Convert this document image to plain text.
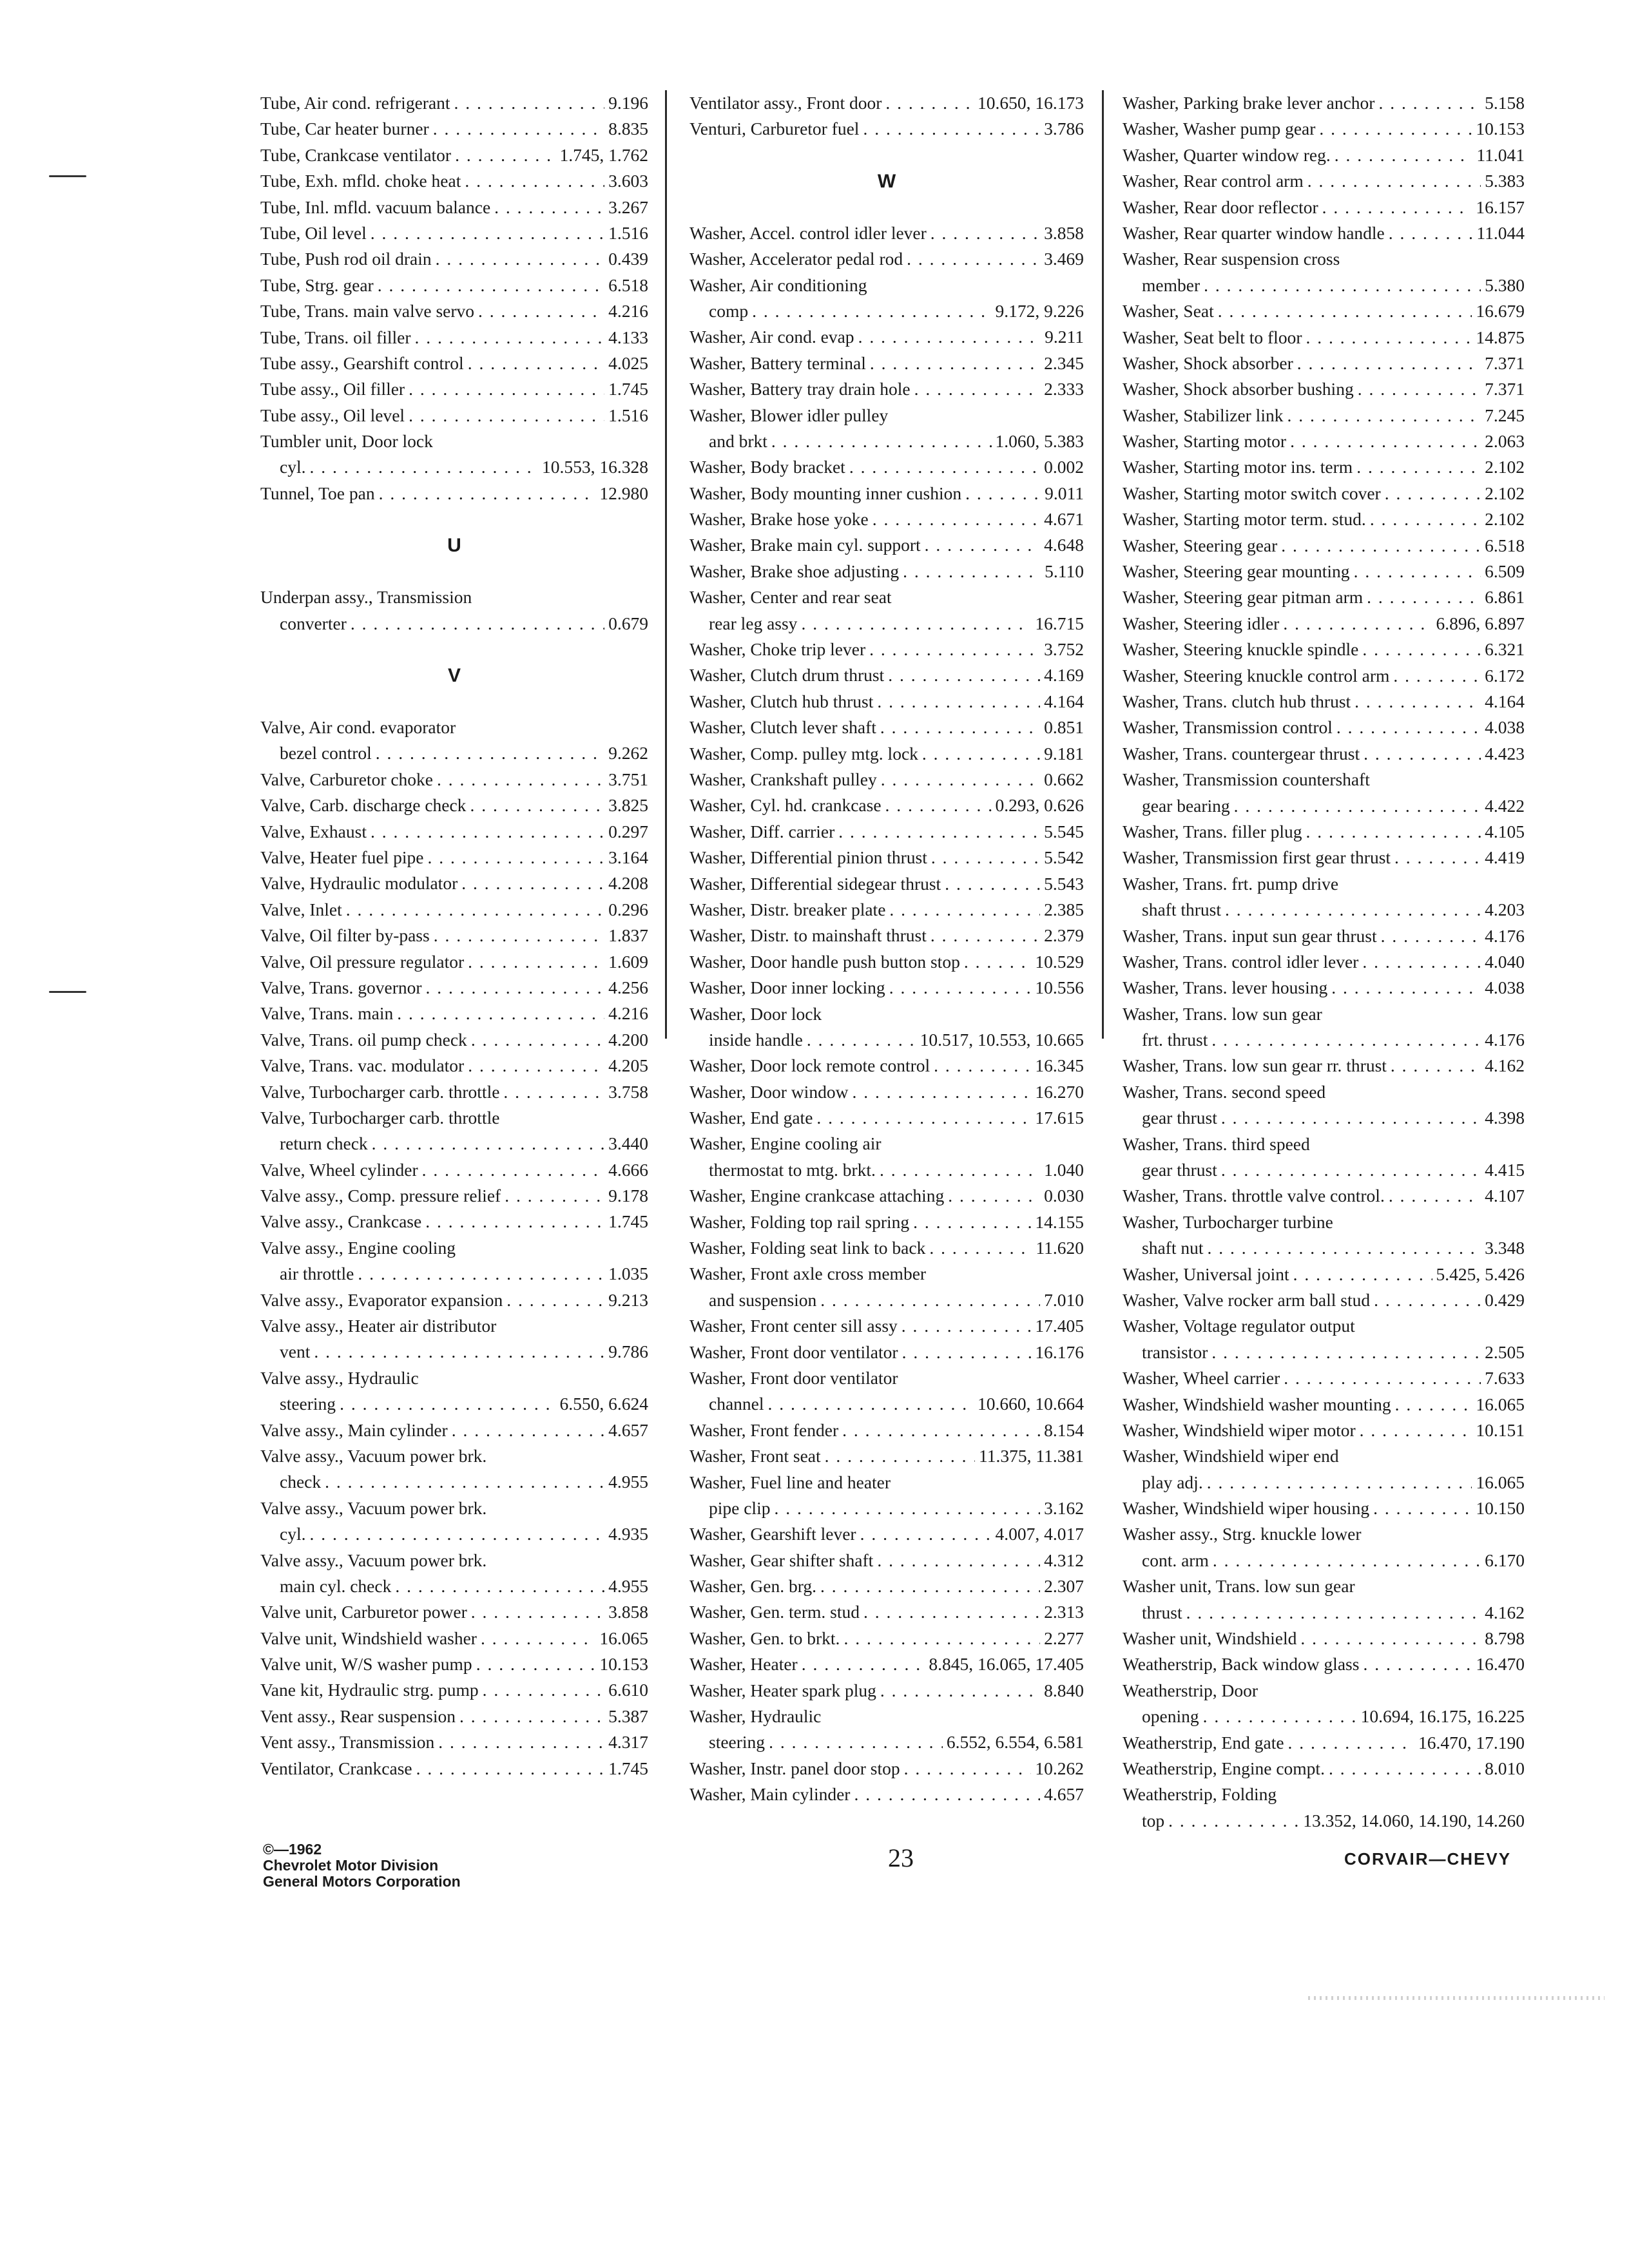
Tube, Air cond. refrigerant . . .	9.196
Tube, Car heater burner . . .	8.835
Tube, Crankcase ventilator . . .	1.745, 1.762
Tube, Exh. mfld. choke heat . . .	3.603
Tube, Inl. mfld. vacuum balance . . .	3.267
Tube, Oil level . . .	1.516
Tube, Push rod oil drain . . .	0.439
Tube, Strg. gear . . .	6.518
Tube, Trans. main valve servo . . .	4.216
Tube, Trans. oil filler . . .	4.133
Tube assy., Gearshift control . . .	4.025
Tube assy., Oil filler . . .	1.745
Tube assy., Oil level . . .	1.516
Tumbler unit, Door lock
cyl. . . .	10.553, 16.328
Tunnel, Toe pan . . .	12.980
U
Underpan assy., Transmission
converter . . .	0.679
V
Valve, Air cond. evaporator
bezel control . . .	9.262
Valve, Carburetor choke . . .	3.751
Valve, Carb. discharge check . . .	3.825
Valve, Exhaust . . .	0.297
Valve, Heater fuel pipe . . .	3.164
Valve, Hydraulic modulator . . .	4.208
Valve, Inlet . . .	0.296
Valve, Oil filter by-pass . . .	1.837
Valve, Oil pressure regulator . . .	1.609
Valve, Trans. governor . . .	4.256
Valve, Trans. main . . .	4.216
Valve, Trans. oil pump check . . .	4.200
Valve, Trans. vac. modulator . . .	4.205
Valve, Turbocharger carb. throttle . . .	3.758
Valve, Turbocharger carb. throttle
return check . . .	3.440
Valve, Wheel cylinder . . .	4.666
Valve assy., Comp. pressure relief . . .	9.178
Valve assy., Crankcase . . .	1.745
Valve assy., Engine cooling
air throttle . . .	1.035
Valve assy., Evaporator expansion . . .	9.213
Valve assy., Heater air distributor
vent . . .	9.786
Valve assy., Hydraulic
steering . . .	6.550, 6.624
Valve assy., Main cylinder . . .	4.657
Valve assy., Vacuum power brk.
check . . .	4.955
Valve assy., Vacuum power brk.
cyl. . . .	4.935
Valve assy., Vacuum power brk.
main cyl. check . . .	4.955
Valve unit, Carburetor power . . .	3.858
Valve unit, Windshield washer . . .	16.065
Valve unit, W/S washer pump . . .	10.153
Vane kit, Hydraulic strg. pump . . .	6.610
Vent assy., Rear suspension . . .	5.387
Vent assy., Transmission . . .	4.317
Ventilator, Crankcase . . .	1.745
Ventilator assy., Front door . . .	10.650, 16.173
Venturi, Carburetor fuel . . .	3.786
W
Washer, Accel. control idler lever . . .	3.858
Washer, Accelerator pedal rod . . .	3.469
Washer, Air conditioning
comp . . .	9.172, 9.226
Washer, Air cond. evap . . .	9.211
Washer, Battery terminal . . .	2.345
Washer, Battery tray drain hole . . .	2.333
Washer, Blower idler pulley
and brkt . . .	1.060, 5.383
Washer, Body bracket . . .	0.002
Washer, Body mounting inner cushion . . .	9.011
Washer, Brake hose yoke . . .	4.671
Washer, Brake main cyl. support . . .	4.648
Washer, Brake shoe adjusting . . .	5.110
Washer, Center and rear seat
rear leg assy . . .	16.715
Washer, Choke trip lever . . .	3.752
Washer, Clutch drum thrust . . .	4.169
Washer, Clutch hub thrust . . .	4.164
Washer, Clutch lever shaft . . .	0.851
Washer, Comp. pulley mtg. lock . . .	9.181
Washer, Crankshaft pulley . . .	0.662
Washer, Cyl. hd. crankcase . . .	0.293, 0.626
Washer, Diff. carrier . . .	5.545
Washer, Differential pinion thrust . . .	5.542
Washer, Differential sidegear thrust . . .	5.543
Washer, Distr. breaker plate . . .	2.385
Washer, Distr. to mainshaft thrust . . .	2.379
Washer, Door handle push button stop . . .	10.529
Washer, Door inner locking . . .	10.556
Washer, Door lock
inside handle . . .	10.517, 10.553, 10.665
Washer, Door lock remote control . . .	16.345
Washer, Door window . . .	16.270
Washer, End gate . . .	17.615
Washer, Engine cooling air
thermostat to mtg. brkt. . . .	1.040
Washer, Engine crankcase attaching . . .	0.030
Washer, Folding top rail spring . . .	14.155
Washer, Folding seat link to back . . .	11.620
Washer, Front axle cross member
and suspension . . .	7.010
Washer, Front center sill assy . . .	17.405
Washer, Front door ventilator . . .	16.176
Washer, Front door ventilator
channel . . .	10.660, 10.664
Washer, Front fender . . .	8.154
Washer, Front seat . . .	11.375, 11.381
Washer, Fuel line and heater
pipe clip . . .	3.162
Washer, Gearshift lever . . .	4.007, 4.017
Washer, Gear shifter shaft . . .	4.312
Washer, Gen. brg. . . .	2.307
Washer, Gen. term. stud . . .	2.313
Washer, Gen. to brkt. . . .	2.277
Washer, Heater . . .	8.845, 16.065, 17.405
Washer, Heater spark plug . . .	8.840
Washer, Hydraulic
steering . . .	6.552, 6.554, 6.581
Washer, Instr. panel door stop . . .	10.262
Washer, Main cylinder . . .	4.657
Washer, Parking brake lever anchor . . .	5.158
Washer, Washer pump gear . . .	10.153
Washer, Quarter window reg. . . .	11.041
Washer, Rear control arm . . .	5.383
Washer, Rear door reflector . . .	16.157
Washer, Rear quarter window handle . . .	11.044
Washer, Rear suspension cross
member . . .	5.380
Washer, Seat . . .	16.679
Washer, Seat belt to floor . . .	14.875
Washer, Shock absorber . . .	7.371
Washer, Shock absorber bushing . . .	7.371
Washer, Stabilizer link . . .	7.245
Washer, Starting motor . . .	2.063
Washer, Starting motor ins. term . . .	2.102
Washer, Starting motor switch cover . . .	2.102
Washer, Starting motor term. stud. . . .	2.102
Washer, Steering gear . . .	6.518
Washer, Steering gear mounting . . .	6.509
Washer, Steering gear pitman arm . . .	6.861
Washer, Steering idler . . .	6.896, 6.897
Washer, Steering knuckle spindle . . .	6.321
Washer, Steering knuckle control arm . . .	6.172
Washer, Trans. clutch hub thrust . . .	4.164
Washer, Transmission control . . .	4.038
Washer, Trans. countergear thrust . . .	4.423
Washer, Transmission countershaft
gear bearing . . .	4.422
Washer, Trans. filler plug . . .	4.105
Washer, Transmission first gear thrust . . .	4.419
Washer, Trans. frt. pump drive
shaft thrust . . .	4.203
Washer, Trans. input sun gear thrust . . .	4.176
Washer, Trans. control idler lever . . .	4.040
Washer, Trans. lever housing . . .	4.038
Washer, Trans. low sun gear
frt. thrust . . .	4.176
Washer, Trans. low sun gear rr. thrust . . .	4.162
Washer, Trans. second speed
gear thrust . . .	4.398
Washer, Trans. third speed
gear thrust . . .	4.415
Washer, Trans. throttle valve control. . . .	4.107
Washer, Turbocharger turbine
shaft nut . . .	3.348
Washer, Universal joint . . .	5.425, 5.426
Washer, Valve rocker arm ball stud . . .	0.429
Washer, Voltage regulator output
transistor . . .	2.505
Washer, Wheel carrier . . .	7.633
Washer, Windshield washer mounting . . .	16.065
Washer, Windshield wiper motor . . .	10.151
Washer, Windshield wiper end
play adj. . . .	16.065
Washer, Windshield wiper housing . . .	10.150
Washer assy., Strg. knuckle lower
cont. arm . . .	6.170
Washer unit, Trans. low sun gear
thrust . . .	4.162
Washer unit, Windshield . . .	8.798
Weatherstrip, Back window glass . . .	16.470
Weatherstrip, Door
opening . . .	10.694, 16.175, 16.225
Weatherstrip, End gate . . .	16.470, 17.190
Weatherstrip, Engine compt. . . .	8.010
Weatherstrip, Folding
top . . .	13.352, 14.060, 14.190, 14.260
©—1962
Chevrolet Motor Division
General Motors Corporation
23	CORVAIR—CHEVY
